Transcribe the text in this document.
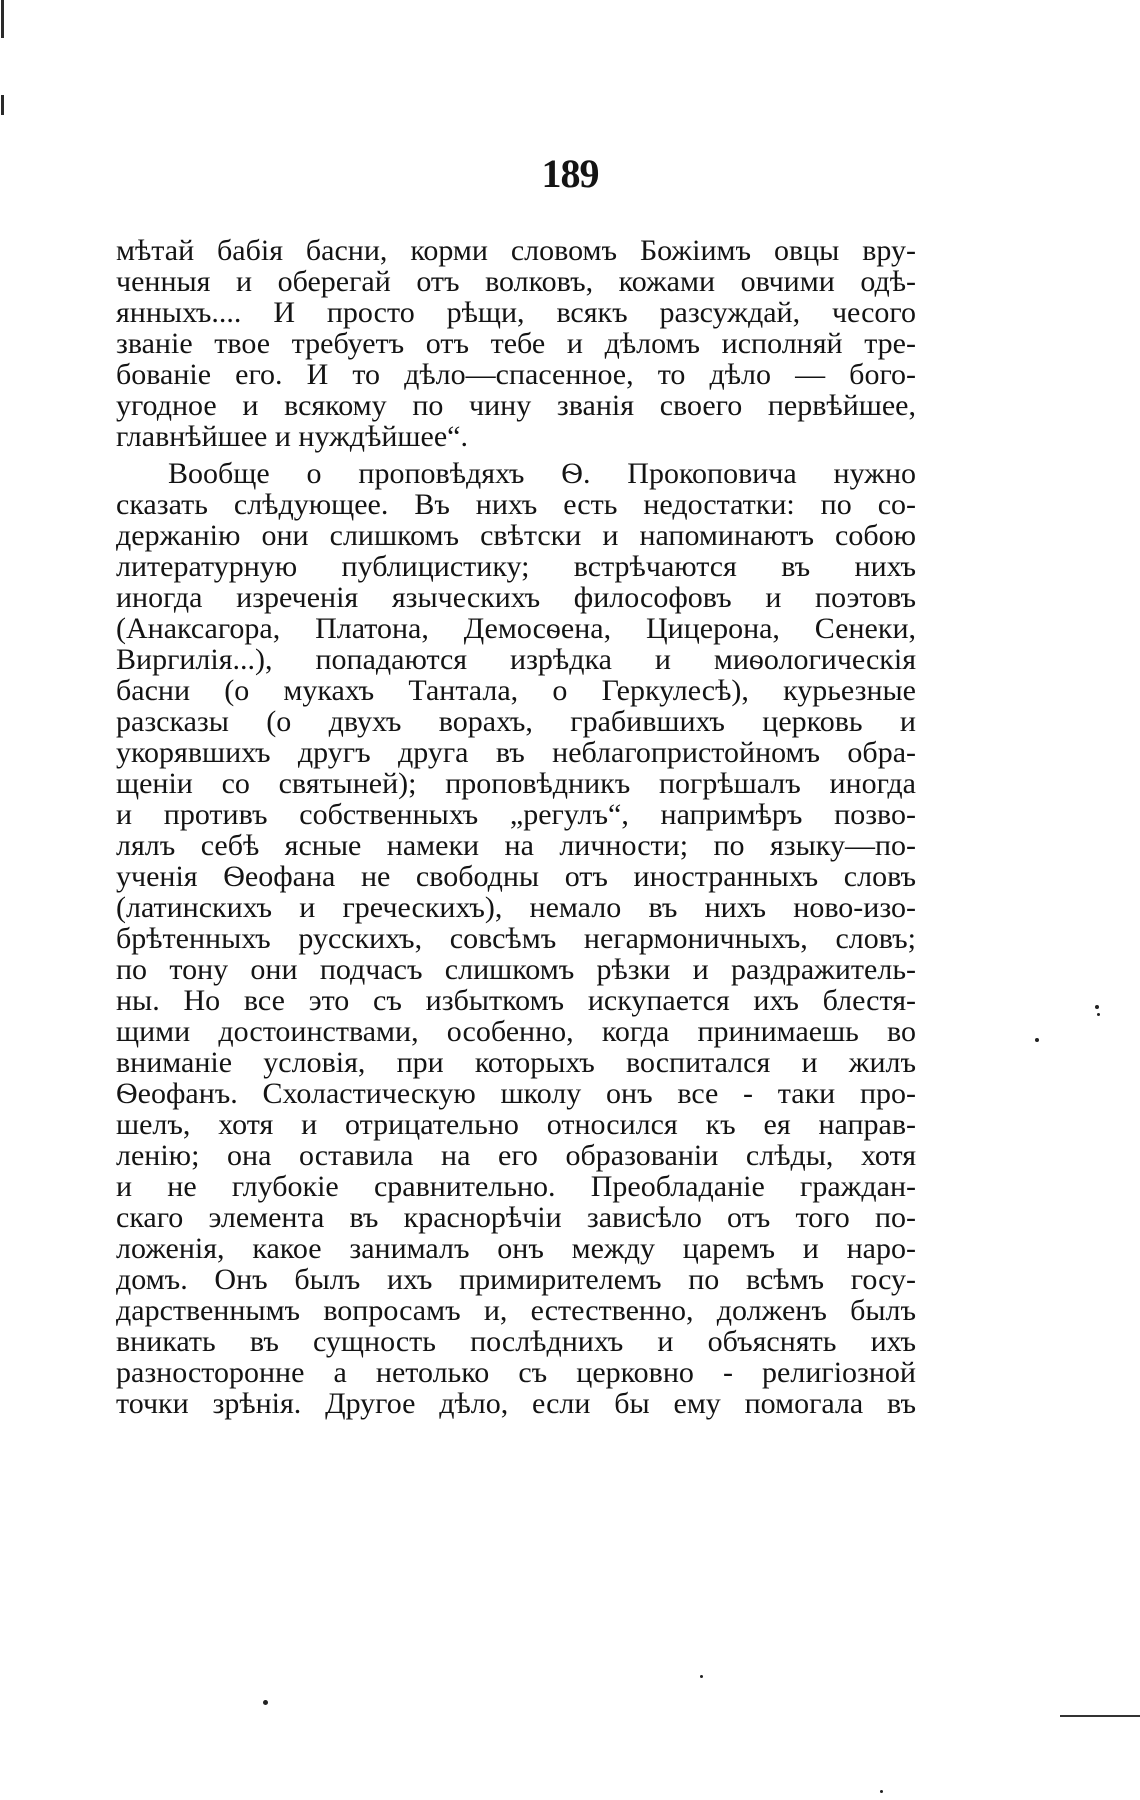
189
мѣтай бабія басни, корми словомъ Божіимъ овцы вру-
ченныя и оберегай отъ волковъ, кожами овчими одѣ-
янныхъ.... И просто рѣщи, всякъ разсуждай, чесого
званіе твое требуетъ отъ тебе и дѣломъ исполняй тре-
бованіе его. И то дѣло—спасенное, то дѣло — бого-
угодное и всякому по чину званія своего первѣйшее,
главнѣйшее и нуждѣйшее“.
Вообще о проповѣдяхъ Ѳ. Прокоповича нужно
сказать слѣдующее. Въ нихъ есть недостатки: по со-
держанію они слишкомъ свѣтски и напоминаютъ собою
литературную публицистику; встрѣчаются въ нихъ
иногда изреченія языческихъ философовъ и поэтовъ
(Анаксагора, Платона, Демосѳена, Цицерона, Сенеки,
Виргилія...), попадаются изрѣдка и миѳологическія
басни (о мукахъ Тантала, о Геркулесѣ), курьезные
разсказы (о двухъ ворахъ, грабившихъ церковь и
укорявшихъ другъ друга въ неблагопристойномъ обра-
щеніи со святыней); проповѣдникъ погрѣшалъ иногда
и противъ собственныхъ „регулъ“, напримѣръ позво-
лялъ себѣ ясные намеки на личности; по языку—по-
ученія Ѳеофана не свободны отъ иностранныхъ словъ
(латинскихъ и греческихъ), немало въ нихъ ново-изо-
брѣтенныхъ русскихъ, совсѣмъ негармоничныхъ, словъ;
по тону они подчасъ слишкомъ рѣзки и раздражитель-
ны. Но все это съ избыткомъ искупается ихъ блестя-
щими достоинствами, особенно, когда принимаешь во
вниманіе условія, при которыхъ воспитался и жилъ
Ѳеофанъ. Схоластическую школу онъ все - таки про-
шелъ, хотя и отрицательно относился къ ея направ-
ленію; она оставила на его образованіи слѣды, хотя
и не глубокіе сравнительно. Преобладаніе граждан-
скаго элемента въ краснорѣчіи зависѣло отъ того по-
ложенія, какое занималъ онъ между царемъ и наро-
домъ. Онъ былъ ихъ примирителемъ по всѣмъ госу-
дарственнымъ вопросамъ и, естественно, долженъ былъ
вникать въ сущность послѣднихъ и объяснять ихъ
разносторонне а нетолько съ церковно - религіозной
точки зрѣнія. Другое дѣло, если бы ему помогала въ
